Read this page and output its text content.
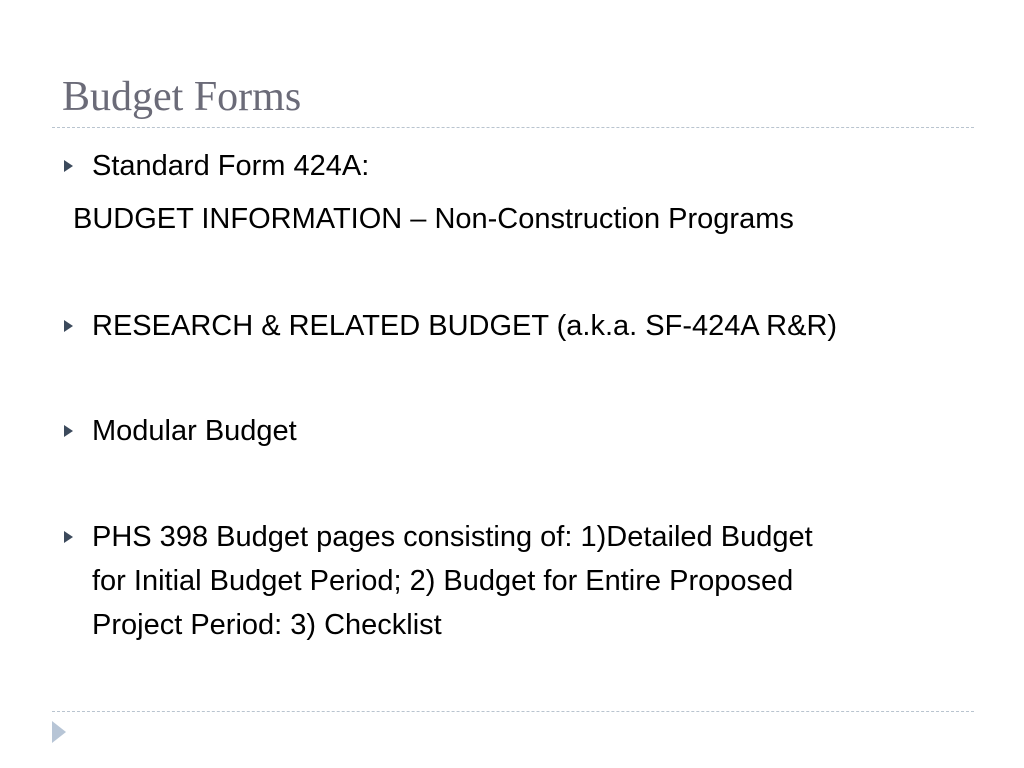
Budget Forms

Standard Form 424A:

BUDGET INFORMATION – Non-Construction Programs

RESEARCH & RELATED BUDGET (a.k.a. SF-424A R&R)

Modular Budget

PHS 398 Budget pages consisting of: 1)Detailed Budget

for Initial Budget Period; 2) Budget for Entire Proposed

Project Period: 3) Checklist
